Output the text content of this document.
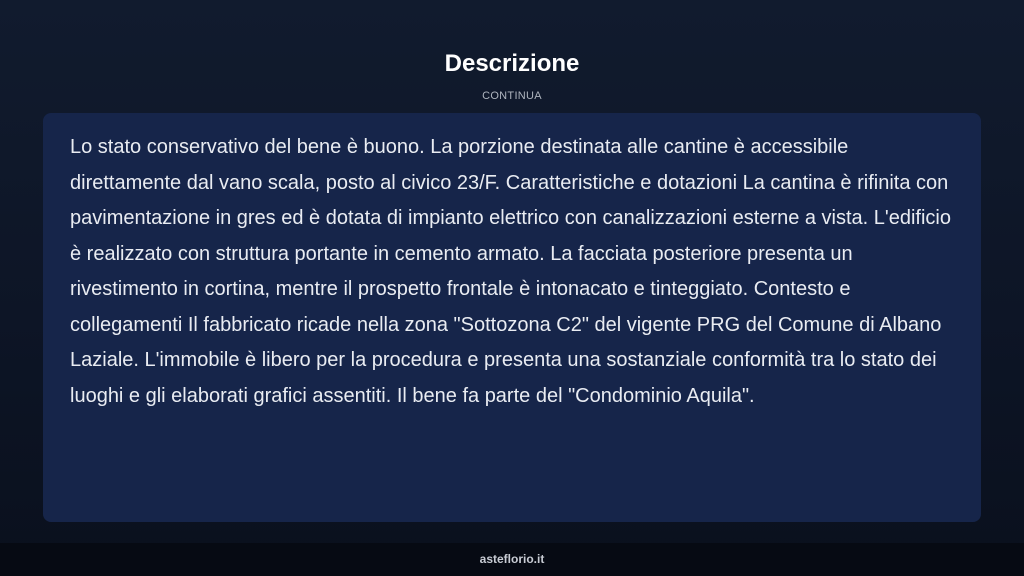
Descrizione
CONTINUA

Lo stato conservativo del bene è buono. La porzione destinata alle cantine è accessibile direttamente dal vano scala, posto al civico 23/F. Caratteristiche e dotazioni La cantina è rifinita con pavimentazione in gres ed è dotata di impianto elettrico con canalizzazioni esterne a vista. L'edificio è realizzato con struttura portante in cemento armato. La facciata posteriore presenta un rivestimento in cortina, mentre il prospetto frontale è intonacato e tinteggiato. Contesto e collegamenti Il fabbricato ricade nella zona "Sottozona C2" del vigente PRG del Comune di Albano Laziale. L'immobile è libero per la procedura e presenta una sostanziale conformità tra lo stato dei luoghi e gli elaborati grafici assentiti. Il bene fa parte del "Condominio Aquila".

asteflorio.it
